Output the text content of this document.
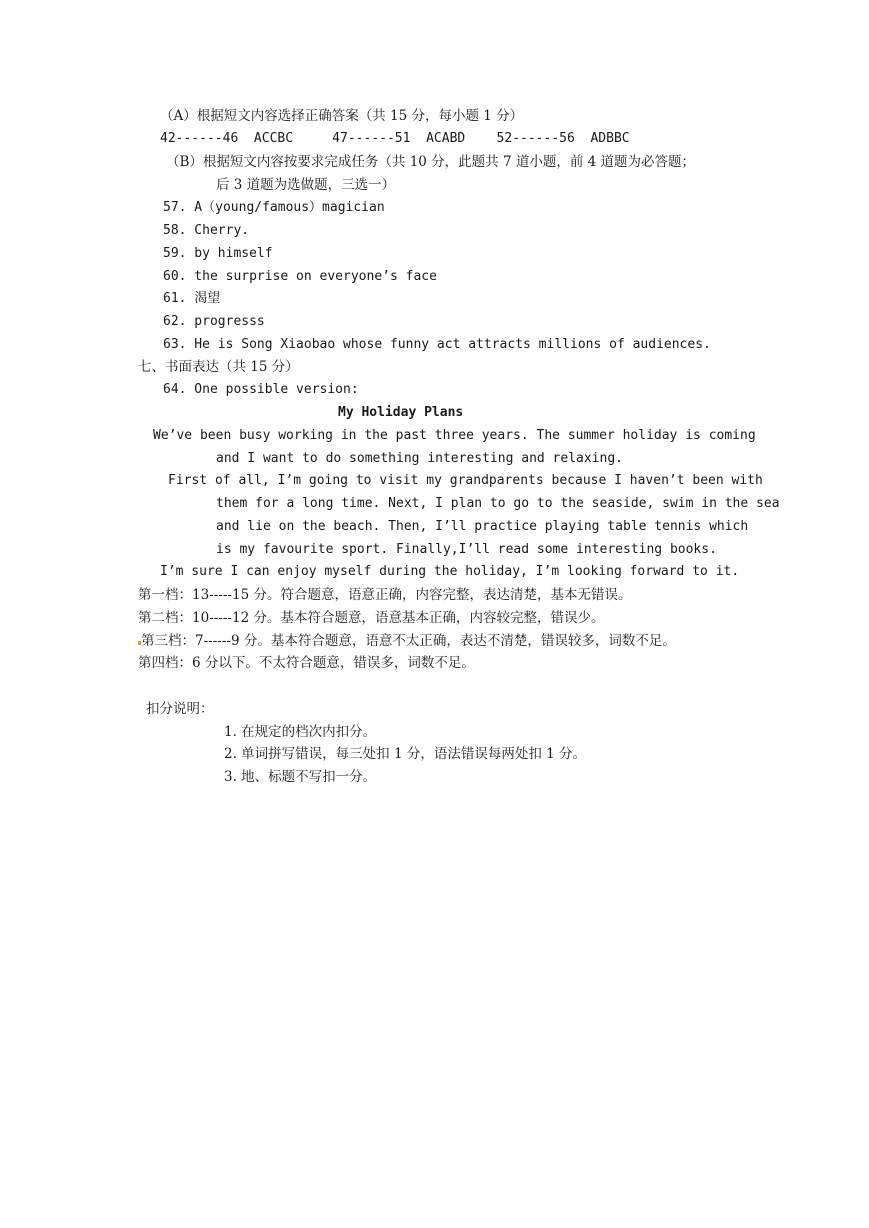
（A）根据短文内容选择正确答案（共 15 分，每小题 1 分）
42------46  ACCBC     47------51  ACABD    52------56  ADBBC
（B）根据短文内容按要求完成任务（共 10 分，此题共 7 道小题，前 4 道题为必答题；
后 3 道题为选做题，三选一）
57. A（young/famous）magician
58. Cherry.
59. by himself
60. the surprise on everyone’s face
61. 渴望
62. progresss
63. He is Song Xiaobao whose funny act attracts millions of audiences.
七、书面表达（共 15 分）
64. One possible version:
My Holiday Plans
We’ve been busy working in the past three years. The summer holiday is coming
and I want to do something interesting and relaxing.
First of all, I’m going to visit my grandparents because I haven’t been with
them for a long time. Next, I plan to go to the seaside, swim in the sea
and lie on the beach. Then, I’ll practice playing table tennis which
is my favourite sport. Finally,I’ll read some interesting books.
I’m sure I can enjoy myself during the holiday, I’m looking forward to it.
第一档：13-----15 分。符合题意，语意正确，内容完整，表达清楚，基本无错误。
第二档：10-----12 分。基本符合题意，语意基本正确，内容较完整，错误少。
第三档：7------9 分。基本符合题意，语意不太正确，表达不清楚，错误较多，词数不足。
第四档：6 分以下。不太符合题意，错误多，词数不足。
扣分说明：
1. 在规定的档次内扣分。
2. 单词拼写错误，每三处扣 1 分，语法错误每两处扣 1 分。
3. 地、标题不写扣一分。
